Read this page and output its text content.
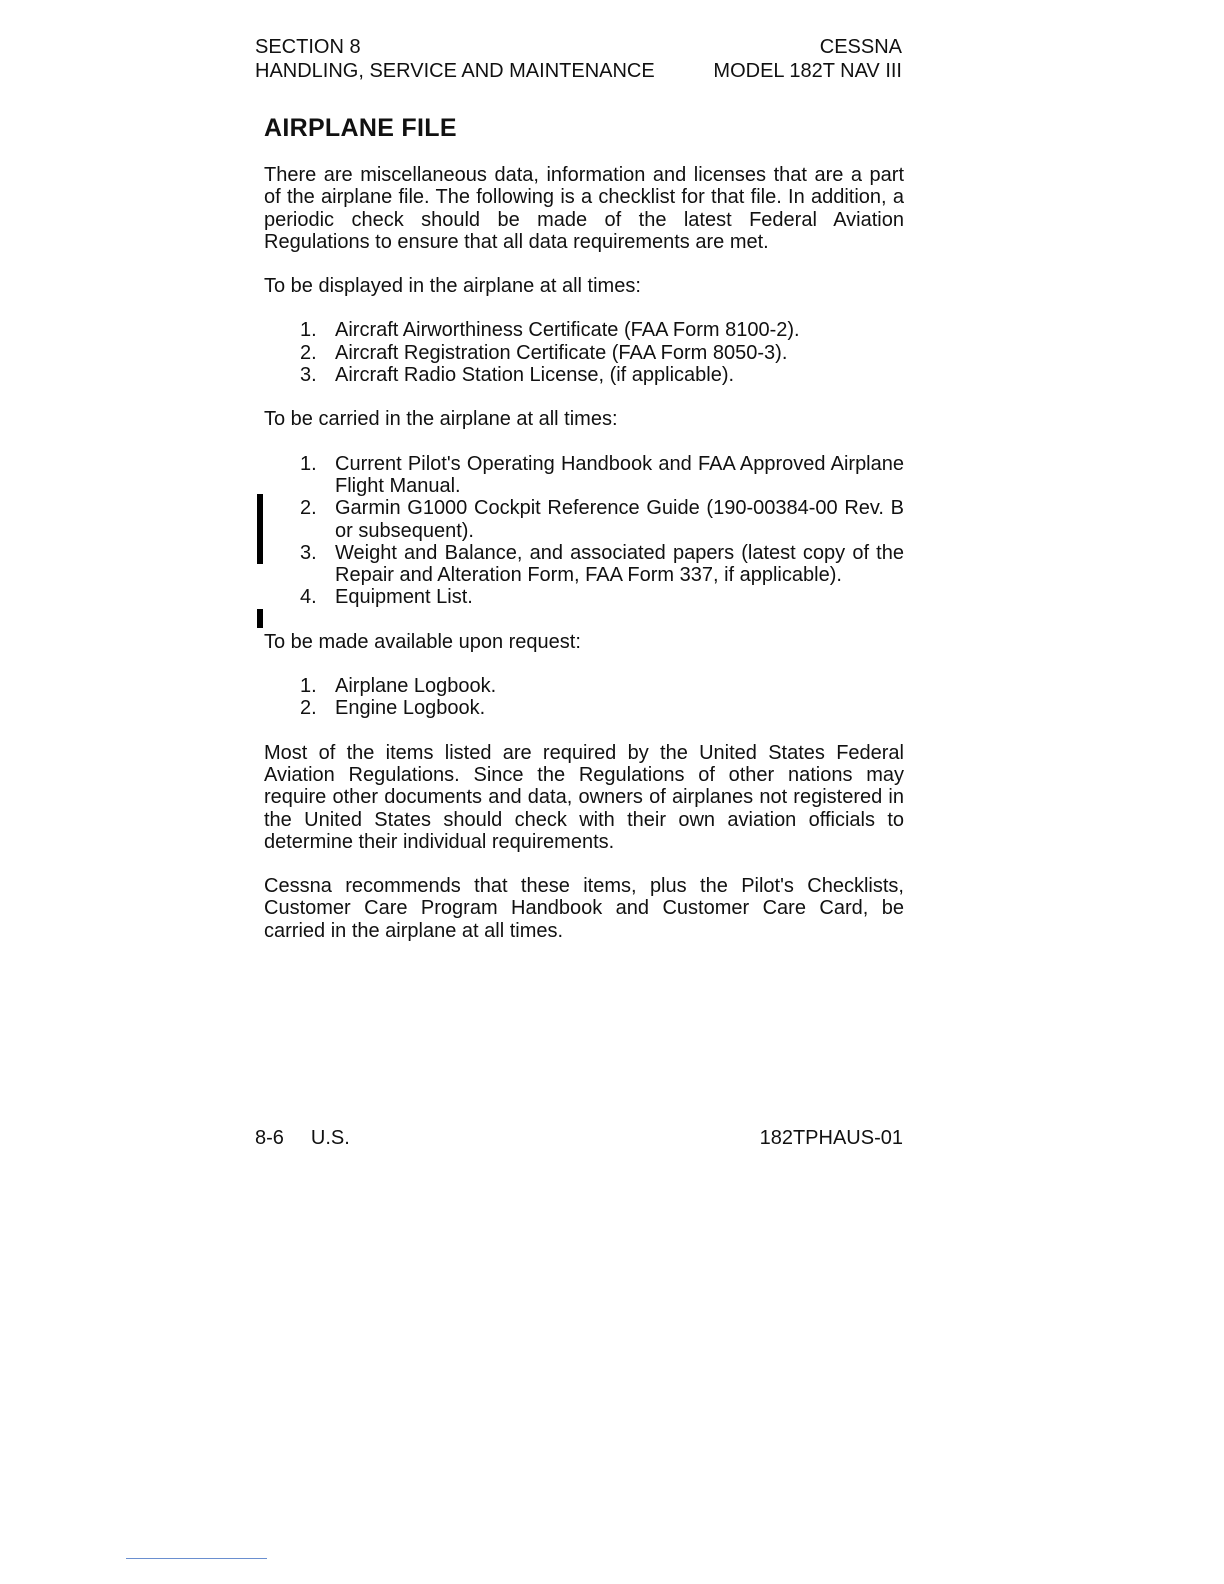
SECTION 8
HANDLING, SERVICE AND MAINTENANCE
CESSNA
MODEL 182T NAV III
AIRPLANE FILE

There are miscellaneous data, information and licenses that are a part of the airplane file. The following is a checklist for that file. In addition, a periodic check should be made of the latest Federal Aviation Regulations to ensure that all data requirements are met.

To be displayed in the airplane at all times:

1. Aircraft Airworthiness Certificate (FAA Form 8100-2).
2. Aircraft Registration Certificate (FAA Form 8050-3).
3. Aircraft Radio Station License, (if applicable).

To be carried in the airplane at all times:

1. Current Pilot's Operating Handbook and FAA Approved Airplane Flight Manual.
2. Garmin G1000 Cockpit Reference Guide (190-00384-00 Rev. B or subsequent).
3. Weight and Balance, and associated papers (latest copy of the Repair and Alteration Form, FAA Form 337, if applicable).
4. Equipment List.

To be made available upon request:

1. Airplane Logbook.
2. Engine Logbook.

Most of the items listed are required by the United States Federal Aviation Regulations. Since the Regulations of other nations may require other documents and data, owners of airplanes not registered in the United States should check with their own aviation officials to determine their individual requirements.

Cessna recommends that these items, plus the Pilot's Checklists, Customer Care Program Handbook and Customer Care Card, be carried in the airplane at all times.

8-6 U.S.	182TPHAUS-01
